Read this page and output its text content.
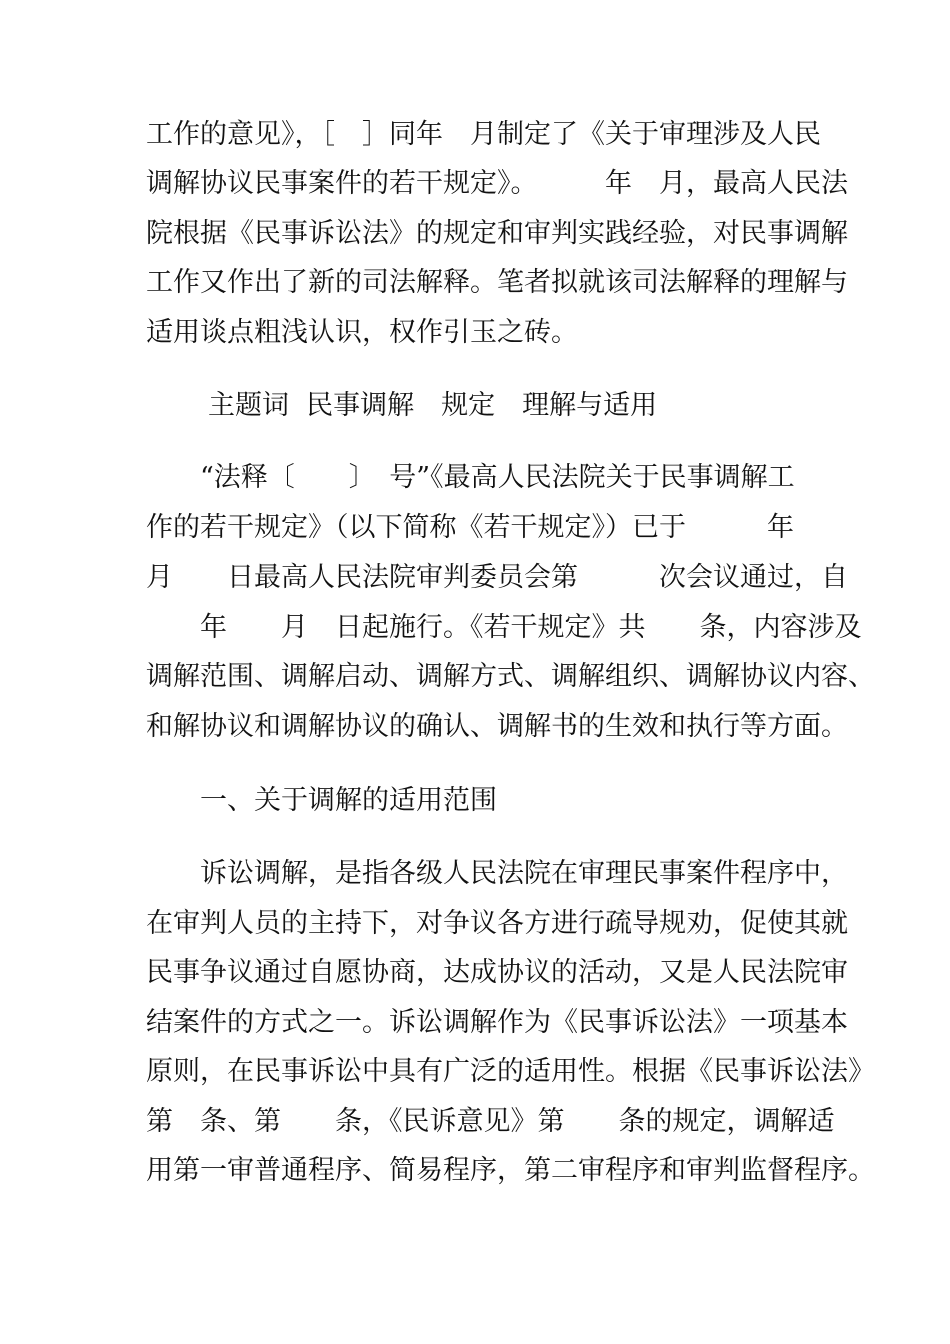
工作的意见》，［　］同年　月制定了《关于审理涉及人民
调解协议民事案件的若干规定》。　　　年　月，最高人民法
院根据《民事诉讼法》的规定和审判实践经验，对民事调解
工作又作出了新的司法解释。笔者拟就该司法解释的理解与
适用谈点粗浅认识，权作引玉之砖。
主题词  民事调解　规定　理解与适用
“法释〔　　〕　号”《最高人民法院关于民事调解工
作的若干规定》（以下简称《若干规定》）已于　　　年
月　　日最高人民法院审判委员会第　　　次会议通过，自
　　年　　月　日起施行。《若干规定》共　　条，内容涉及
调解范围、调解启动、调解方式、调解组织、调解协议内容、
和解协议和调解协议的确认、调解书的生效和执行等方面。
一、关于调解的适用范围
诉讼调解，是指各级人民法院在审理民事案件程序中，
在审判人员的主持下，对争议各方进行疏导规劝，促使其就
民事争议通过自愿协商，达成协议的活动，又是人民法院审
结案件的方式之一。诉讼调解作为《民事诉讼法》一项基本
原则，在民事诉讼中具有广泛的适用性。根据《民事诉讼法》
第　条、第　　条，《民诉意见》第　　条的规定，调解适
用第一审普通程序、简易程序，第二审程序和审判监督程序。
